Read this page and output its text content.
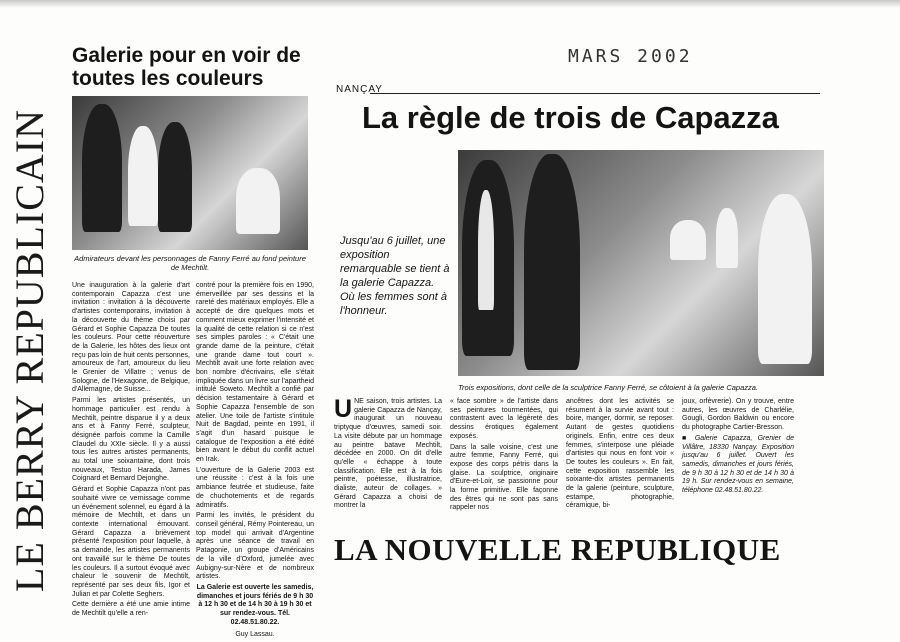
LE BERRY REPUBLICAIN
Galerie pour en voir de toutes les couleurs
Admirateurs devant les personnages de Fanny Ferré au fond peinture de Mechtilt.

Une inauguration à la galerie d'art contemporain Capazza c'est une invitation : invitation à la découverte d'artistes contemporains, invitation à la découverte du thème choisi par Gérard et Sophie Capazza De toutes les couleurs. Pour cette réouverture de la Galerie, les hôtes des lieux ont reçu pas loin de huit cents personnes, amoureux de l'art, amoureux du lieu le Grenier de Villatre ; venus de Sologne, de l'Hexagone, de Belgique, d'Allemagne, de Suisse...

Parmi les artistes présentés, un hommage particulier est rendu à Mechtilt, peintre disparue il y a deux ans et à Fanny Ferré, sculpteur, désignée parfois comme la Camille Claudel du XXIe siècle. Il y a aussi tous les autres artistes permanents, au total une soixantaine, dont trois nouveaux, Testuo Harada, James Coignard et Bernard Dejonghe.

Gérard et Sophie Capazza n'ont pas souhaité vivre ce vernissage comme un événement solennel, eu égard à la mémoire de Mechtilt, et dans un contexte international émouvant. Gérard Capazza a brièvement présenté l'exposition pour laquelle, à sa demande, les artistes permanents ont travaillé sur le thème De toutes les couleurs. Il a surtout évoqué avec chaleur le souvenir de Mechtilt, représenté par ses deux fils, Igor et Julian et par Colette Seghers.

Cette dernière a été une amie intime de Mechtilt qu'elle a ren-

contré pour la première fois en 1990, émerveillée par ses dessins et la rareté des matériaux employés. Elle a accepté de dire quelques mots et comment mieux exprimer l'intensité et la qualité de cette relation si ce n'est ses simples paroles : « C'était une grande dame de la peinture, c'était une grande dame tout court ». Mechtilt avait une forte relation avec bon nombre d'écrivains, elle s'était impliquée dans un livre sur l'apartheid intitulé Soweto. Mechtilt a confié par décision testamentaire à Gérard et Sophie Capazza l'ensemble de son atelier. Une toile de l'artiste s'intitule Nuit de Bagdad, peinte en 1991, il s'agit d'un hasard puisque le catalogue de l'exposition a été édité bien avant le début du conflit actuel en Irak.

L'ouverture de la Galerie 2003 est une réussite : c'est à la fois une ambiance feutrée et studieuse, faite de chuchotements et de regards admiratifs.

Parmi les invités, le président du conseil général, Rémy Pointereau, un top model qui arrivait d'Argentine après une séance de travail en Patagonie, un groupe d'Américains de la ville d'Oxford, jumelée avec Aubigny-sur-Nère et de nombreux artistes.

La Galerie est ouverte les samedis, dimanches et jours fériés de 9 h 30 à 12 h 30 et de 14 h 30 à 19 h 30 et sur rendez-vous. Tél. 02.48.51.80.22.

Guy Lassau.

MARS 2002
NANÇAY
La règle de trois de Capazza
Jusqu'au 6 juillet, une exposition remarquable se tient à la galerie Capazza. Où les femmes sont à l'honneur.
Trois expositions, dont celle de la sculptrice Fanny Ferré, se côtoient à la galerie Capazza.
U NE saison, trois artistes. La galerie Capazza de Nançay, inaugurait un nouveau triptyque d'œuvres, samedi soir. La visite débute par un hommage au peintre batave Mechtilt, décédée en 2000. On dit d'elle qu'elle « échappe à toute classification. Elle est à la fois peintre, poétesse, illustratrice, dialiste, auteur de collages. » Gérard Capazza a choisi de montrer la

« face sombre » de l'artiste dans ses peintures tourmentées, qui contrastent avec la légèreté des dessins érotiques également exposés.

Dans la salle voisine, c'est une autre femme, Fanny Ferré, qui expose des corps pétris dans la glaise. La sculptrice, originaire d'Eure-et-Loir, se passionne pour la forme primitive. Elle façonne des êtres qui ne sont pas sans rappeler nos

ancêtres dont les activités se résument à la survie avant tout : boire, manger, dormir, se reposer. Autant de gestes quotidiens originels. Enfin, entre ces deux femmes, s'interpose une pléiade d'artistes qui nous en font voir « De toutes les couleurs ». En fait, cette exposition rassemble les soixante-dix artistes permanents de la galerie (peinture, sculpture, estampe, photographie, céramique, bi-

joux, orfèvrerie). On y trouve, entre autres, les œuvres de Charlélie, Gougli, Gordon Baldwin ou encore du photographe Cartier-Bresson.

■ Galerie Capazza, Grenier de Villâtre, 18330 Nançay. Exposition jusqu'au 6 juillet. Ouvert les samedis, dimanches et jours fériés, de 9 h 30 à 12 h 30 et de 14 h 30 à 19 h. Sur rendez-vous en semaine, téléphone 02.48.51.80.22.

LA NOUVELLE REPUBLIQUE
